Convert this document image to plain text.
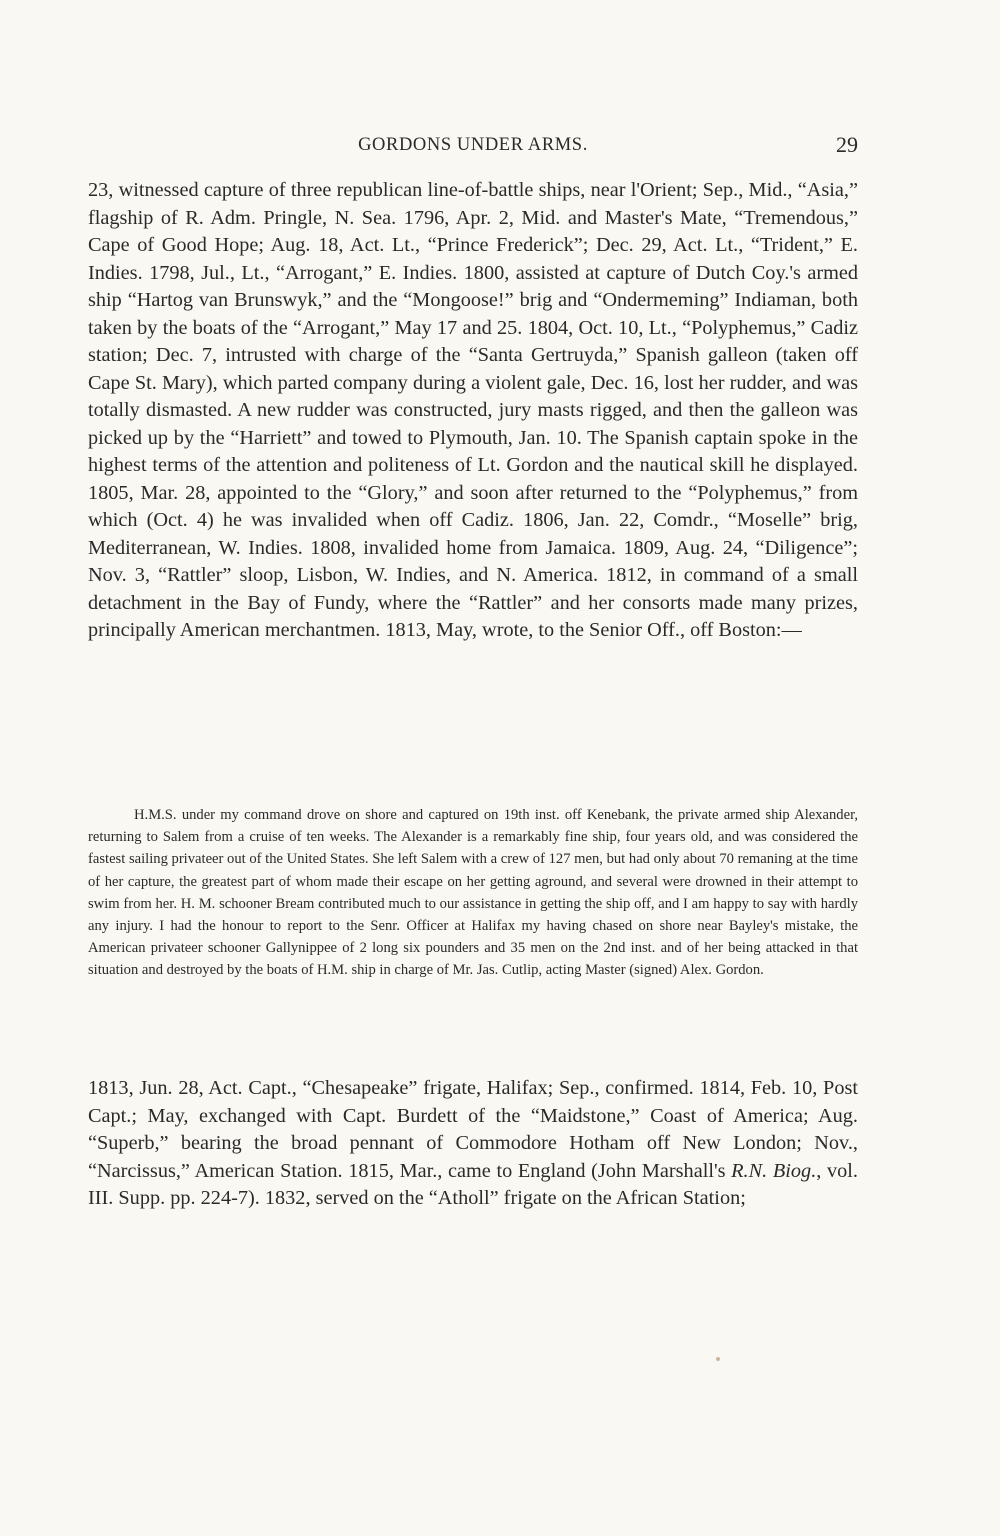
GORDONS UNDER ARMS.	29

23, witnessed capture of three republican line-of-battle ships, near l'Orient; Sep., Mid., “Asia,” flagship of R. Adm. Pringle, N. Sea. 1796, Apr. 2, Mid. and Master's Mate, “Tremendous,” Cape of Good Hope; Aug. 18, Act. Lt., “Prince Frederick”; Dec. 29, Act. Lt., “Trident,” E. Indies. 1798, Jul., Lt., “Arrogant,” E. Indies. 1800, assisted at capture of Dutch Coy.'s armed ship “Hartog van Brunswyk,” and the “Mongoose!” brig and “Ondermeming” Indiaman, both taken by the boats of the “Arrogant,” May 17 and 25. 1804, Oct. 10, Lt., “Polyphemus,” Cadiz station; Dec. 7, intrusted with charge of the “Santa Gertruyda,” Spanish galleon (taken off Cape St. Mary), which parted company during a violent gale, Dec. 16, lost her rudder, and was totally dismasted. A new rudder was constructed, jury masts rigged, and then the galleon was picked up by the “Harriett” and towed to Plymouth, Jan. 10. The Spanish captain spoke in the highest terms of the attention and politeness of Lt. Gordon and the nautical skill he displayed. 1805, Mar. 28, appointed to the “Glory,” and soon after returned to the “Polyphemus,” from which (Oct. 4) he was invalided when off Cadiz. 1806, Jan. 22, Comdr., “Moselle” brig, Mediterranean, W. Indies. 1808, invalided home from Jamaica. 1809, Aug. 24, “Diligence”; Nov. 3, “Rattler” sloop, Lisbon, W. Indies, and N. America. 1812, in command of a small detachment in the Bay of Fundy, where the “Rattler” and her consorts made many prizes, principally American merchantmen. 1813, May, wrote, to the Senior Off., off Boston:—

H.M.S. under my command drove on shore and captured on 19th inst. off Kenebank, the private armed ship Alexander, returning to Salem from a cruise of ten weeks. The Alexander is a remarkably fine ship, four years old, and was considered the fastest sailing privateer out of the United States. She left Salem with a crew of 127 men, but had only about 70 remaning at the time of her capture, the greatest part of whom made their escape on her getting aground, and several were drowned in their attempt to swim from her. H. M. schooner Bream contributed much to our assistance in getting the ship off, and I am happy to say with hardly any injury. I had the honour to report to the Senr. Officer at Halifax my having chased on shore near Bayley's mistake, the American privateer schooner Gallynippee of 2 long six pounders and 35 men on the 2nd inst. and of her being attacked in that situation and destroyed by the boats of H.M. ship in charge of Mr. Jas. Cutlip, acting Master (signed) Alex. Gordon.

1813, Jun. 28, Act. Capt., “Chesapeake” frigate, Halifax; Sep., confirmed. 1814, Feb. 10, Post Capt.; May, exchanged with Capt. Burdett of the “Maidstone,” Coast of America; Aug. “Superb,” bearing the broad pennant of Commodore Hotham off New London; Nov., “Narcissus,” American Station. 1815, Mar., came to England (John Marshall's R.N. Biog., vol. III. Supp. pp. 224-7). 1832, served on the “Atholl” frigate on the African Station;
